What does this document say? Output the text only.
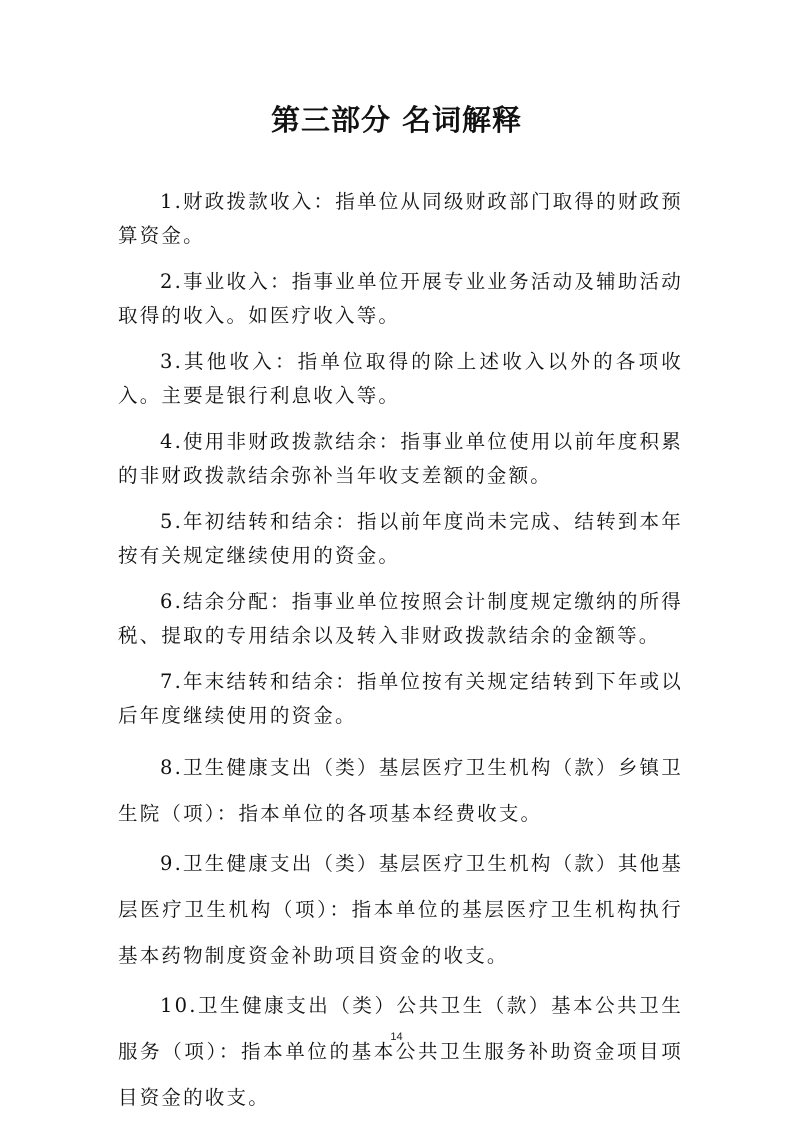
第三部分 名词解释

1.财政拨款收入：指单位从同级财政部门取得的财政预算资金。

2.事业收入：指事业单位开展专业业务活动及辅助活动取得的收入。如医疗收入等。

3.其他收入：指单位取得的除上述收入以外的各项收入。主要是银行利息收入等。

4.使用非财政拨款结余：指事业单位使用以前年度积累的非财政拨款结余弥补当年收支差额的金额。

5.年初结转和结余：指以前年度尚未完成、结转到本年按有关规定继续使用的资金。

6.结余分配：指事业单位按照会计制度规定缴纳的所得税、提取的专用结余以及转入非财政拨款结余的金额等。

7.年末结转和结余：指单位按有关规定结转到下年或以后年度继续使用的资金。

8.卫生健康支出（类）基层医疗卫生机构（款）乡镇卫生院（项）：指本单位的各项基本经费收支。

9.卫生健康支出（类）基层医疗卫生机构（款）其他基层医疗卫生机构（项）：指本单位的基层医疗卫生机构执行基本药物制度资金补助项目资金的收支。

10.卫生健康支出（类）公共卫生（款）基本公共卫生服务（项）：指本单位的基本公共卫生服务补助资金项目项目资金的收支。

14
